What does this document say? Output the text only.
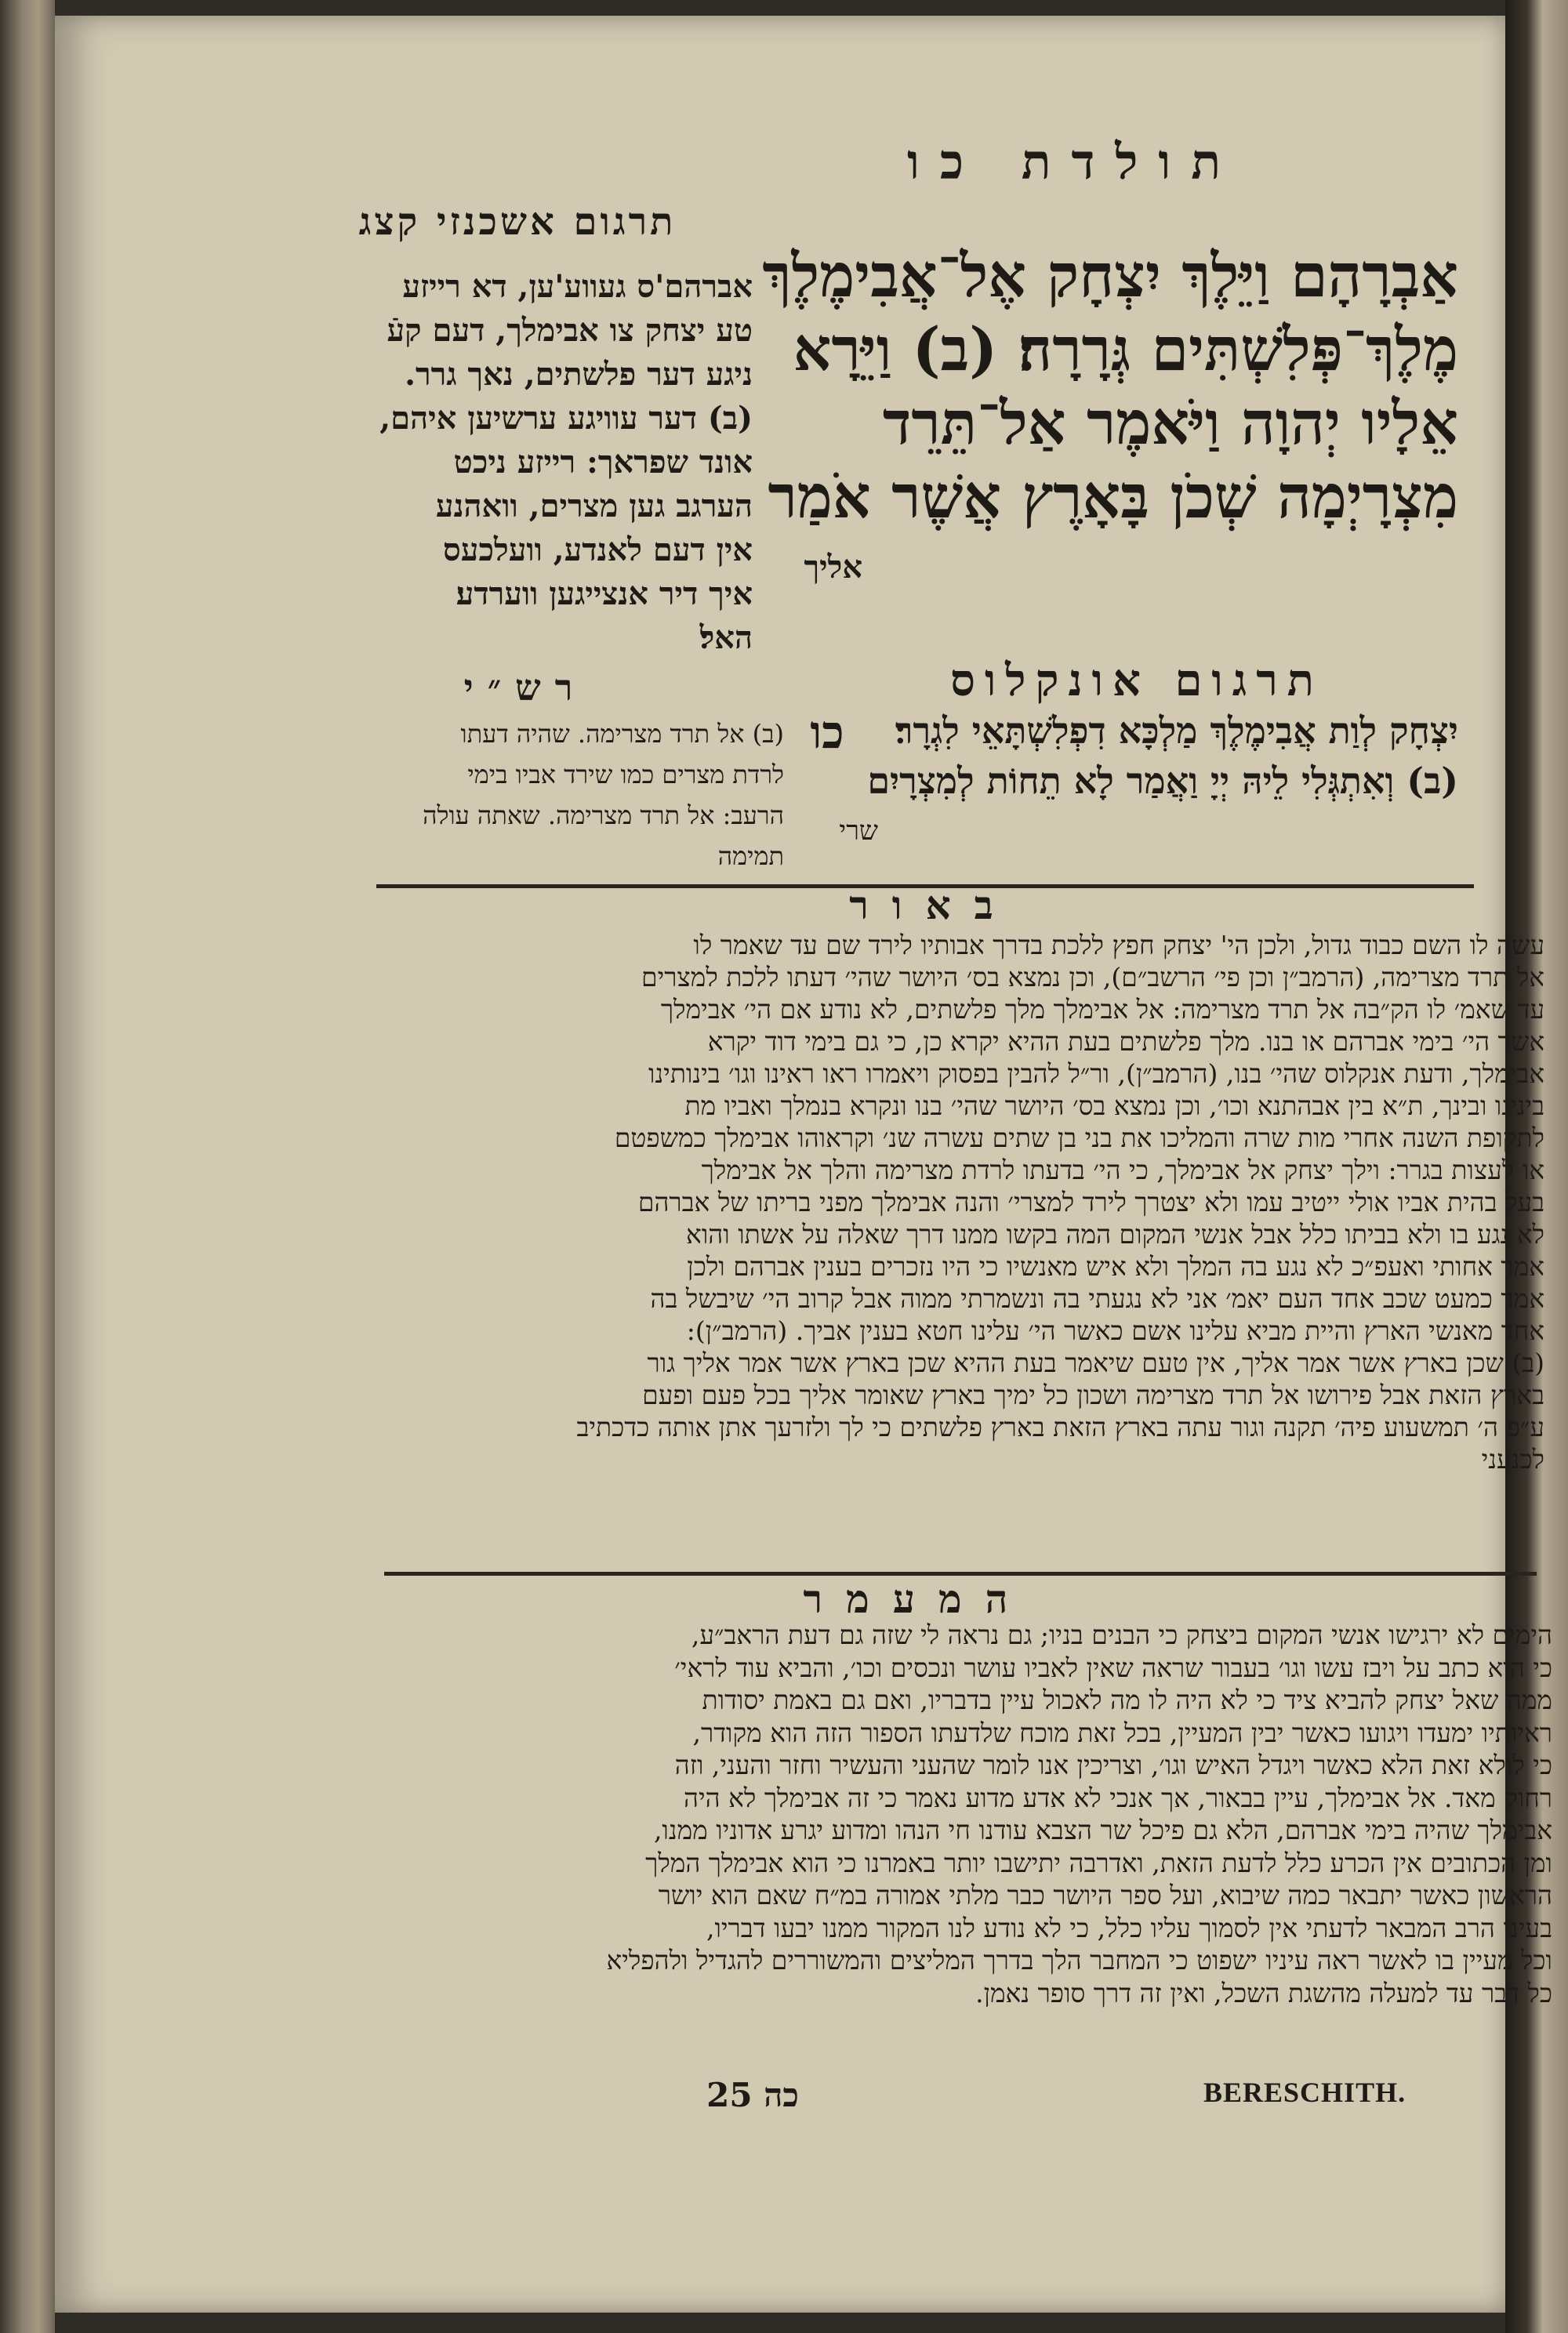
תולדת כו
תרגום אשכנזי קצג
אַבְרָהָם וַיֵּלֶךְ יִצְחָק אֶל־אֲבִימֶלֶךְ
מֶלֶךְ־פְּלִשְׁתִּים גְּרָרָה׃ (ב) וַיֵּרָא
אֵלָיו יְהוָה וַיֹּאמֶר אַל־תֵּרֵד
מִצְרָיְמָה שְׁכֹן בָּאָרֶץ אֲשֶׁר אֹמַר
אליך
אברהם'ס געווע'ען, דא רייזע
טע יצחק צו אבימלך, דעם קעֿ
ניגע דער פלשתים, נאך גרר.
(ב) דער עוויגע ערשיען איהם,
אונד שפראך: רייזע ניכט
הערגב גען מצרים, וואהנע
אין דעם לאנדע, וועלכעס
איך דיר אנצייגען ווערדע׃
האל׃
תרגום אונקלוס
יִצְחָק לְוַת אֲבִימֶלֶךְ מַלְכָּא דִפְלִשְׁתָּאֵי לִגְרָר׃
(ב) וְאִתְגְּלִי לֵיהּ יְיָ וַאֲמַר לָא תֵחוֹת לְמִצְרָיִם
שרי
רש״י
כו
(ב) אל תרד מצרימה. שהיה דעתו
לרדת מצרים כמו שירד אביו בימי
הרעב: אל תרד מצרימה. שאתה עולה
תמימה
באור
עשה לו השם כבוד גדול, ולכן הי' יצחק חפץ ללכת בדרך אבותיו לירד שם עד שאמר לו
אל תרד מצרימה, (הרמב״ן וכן פי׳ הרשב״ם), וכן נמצא בס׳ היושר שהי׳ דעתו ללכת למצרים
עד שאמ׳ לו הק״בה אל תרד מצרימה: אל אבימלך מלך פלשתים, לא נודע אם הי׳ אבימלך
אשר הי׳ בימי אברהם או בנו. מלך פלשתים בעת ההיא יקרא כן, כי גם בימי דוד יקרא
אבימלך, ודעת אנקלוס שהי׳ בנו, (הרמב״ן), ור״ל להבין בפסוק ויאמרו ראו ראינו וגו׳ בינותינו
בינינו ובינך, ת״א בין אבהתנא וכו׳, וכן נמצא בס׳ היושר שהי׳ בנו ונקרא בנמלך ואביו מת
לתקופת השנה אחרי מות שרה והמליכו את בני בן שתים עשרה שנ׳ וקראוהו אבימלך כמשפטם
או לעצות בגרר: וילך יצחק אל אבימלך, כי הי׳ בדעתו לרדת מצרימה והלך אל אבימלך
בעל בהית אביו אולי ייטיב עמו ולא יצטרך לירד למצרי׳ והנה אבימלך מפני בריתו של אברהם
לא נגע בו ולא בביתו כלל אבל אנשי המקום המה בקשו ממנו דרך שאלה על אשתו והוא
אמר אחותי ואעפ״כ לא נגע בה המלך ולא איש מאנשיו כי היו נזכרים בענין אברהם ולכן
אמר כמעט שכב אחד העם יאמ׳ אני לא נגעתי בה ונשמרתי ממוה אבל קרוב הי׳ שיבשל בה
אחד מאנשי הארץ והיית מביא עלינו אשם כאשר הי׳ עלינו חטא בענין אביך. (הרמב״ן):
(ב) שכן בארץ אשר אמר אליך, אין טעם שיאמר בעת ההיא שכן בארץ אשר אמר אליך גור
בארץ הזאת אבל פירושו אל תרד מצרימה ושכון כל ימיך בארץ שאומר אליך בכל פעם ופעם
ע״פ ה׳ תמשעוע פיה׳ תקנה וגור עתה בארץ הזאת בארץ פלשתים כי לך ולזרעך אתן אותה כדכתיב
לכנעני
המעמר
הימים לא ירגישו אנשי המקום ביצחק כי הבנים בניו; גם נראה לי שזה גם דעת הראב״ע,
כי הוא כתב על ויבז עשו וגו׳ בעבור שראה שאין לאביו עושר ונכסים וכו׳, והביא עוד לראי׳
ממה שאל יצחק להביא ציד כי לא היה לו מה לאכול עיין בדבריו, ואם גם באמת יסודות
ראיותיו ימעדו ויגועו כאשר יבין המעיין, בכל זאת מוכח שלדעתו הספור הזה הוא מקודר,
כי לולא זאת הלא כאשר ויגדל האיש וגו׳, וצריכין אנו לומר שהעני והעשיר וחזר והעני, וזה
רחוק מאד. אל אבימלך, עיין בבאור, אך אנכי לא אדע מדוע נאמר כי זה אבימלך לא היה
אבימלך שהיה בימי אברהם, הלא גם פיכל שר הצבא עודנו חי הנהו ומדוע יגרע אדוניו ממנו,
ומן הכתובים אין הכרע כלל לדעת הזאת, ואדרבה יתישבו יותר באמרנו כי הוא אבימלך המלך
הראשון כאשר יתבאר כמה שיבוא, ועל ספר היושר כבר מלתי אמורה במ״ח שאם הוא יושר
בעיני הרב המבאר לדעתי אין לסמוך עליו כלל, כי לא נודע לנו המקור ממנו יבעו דבריו,
וכל מעיין בו לאשר ראה עיניו ישפוט כי המחבר הלך בדרך המליצים והמשוררים להגדיל ולהפליא
כל דבר עד למעלה מהשגת השכל, ואין זה דרך סופר נאמן.
25 כה	BERESCHITH.
